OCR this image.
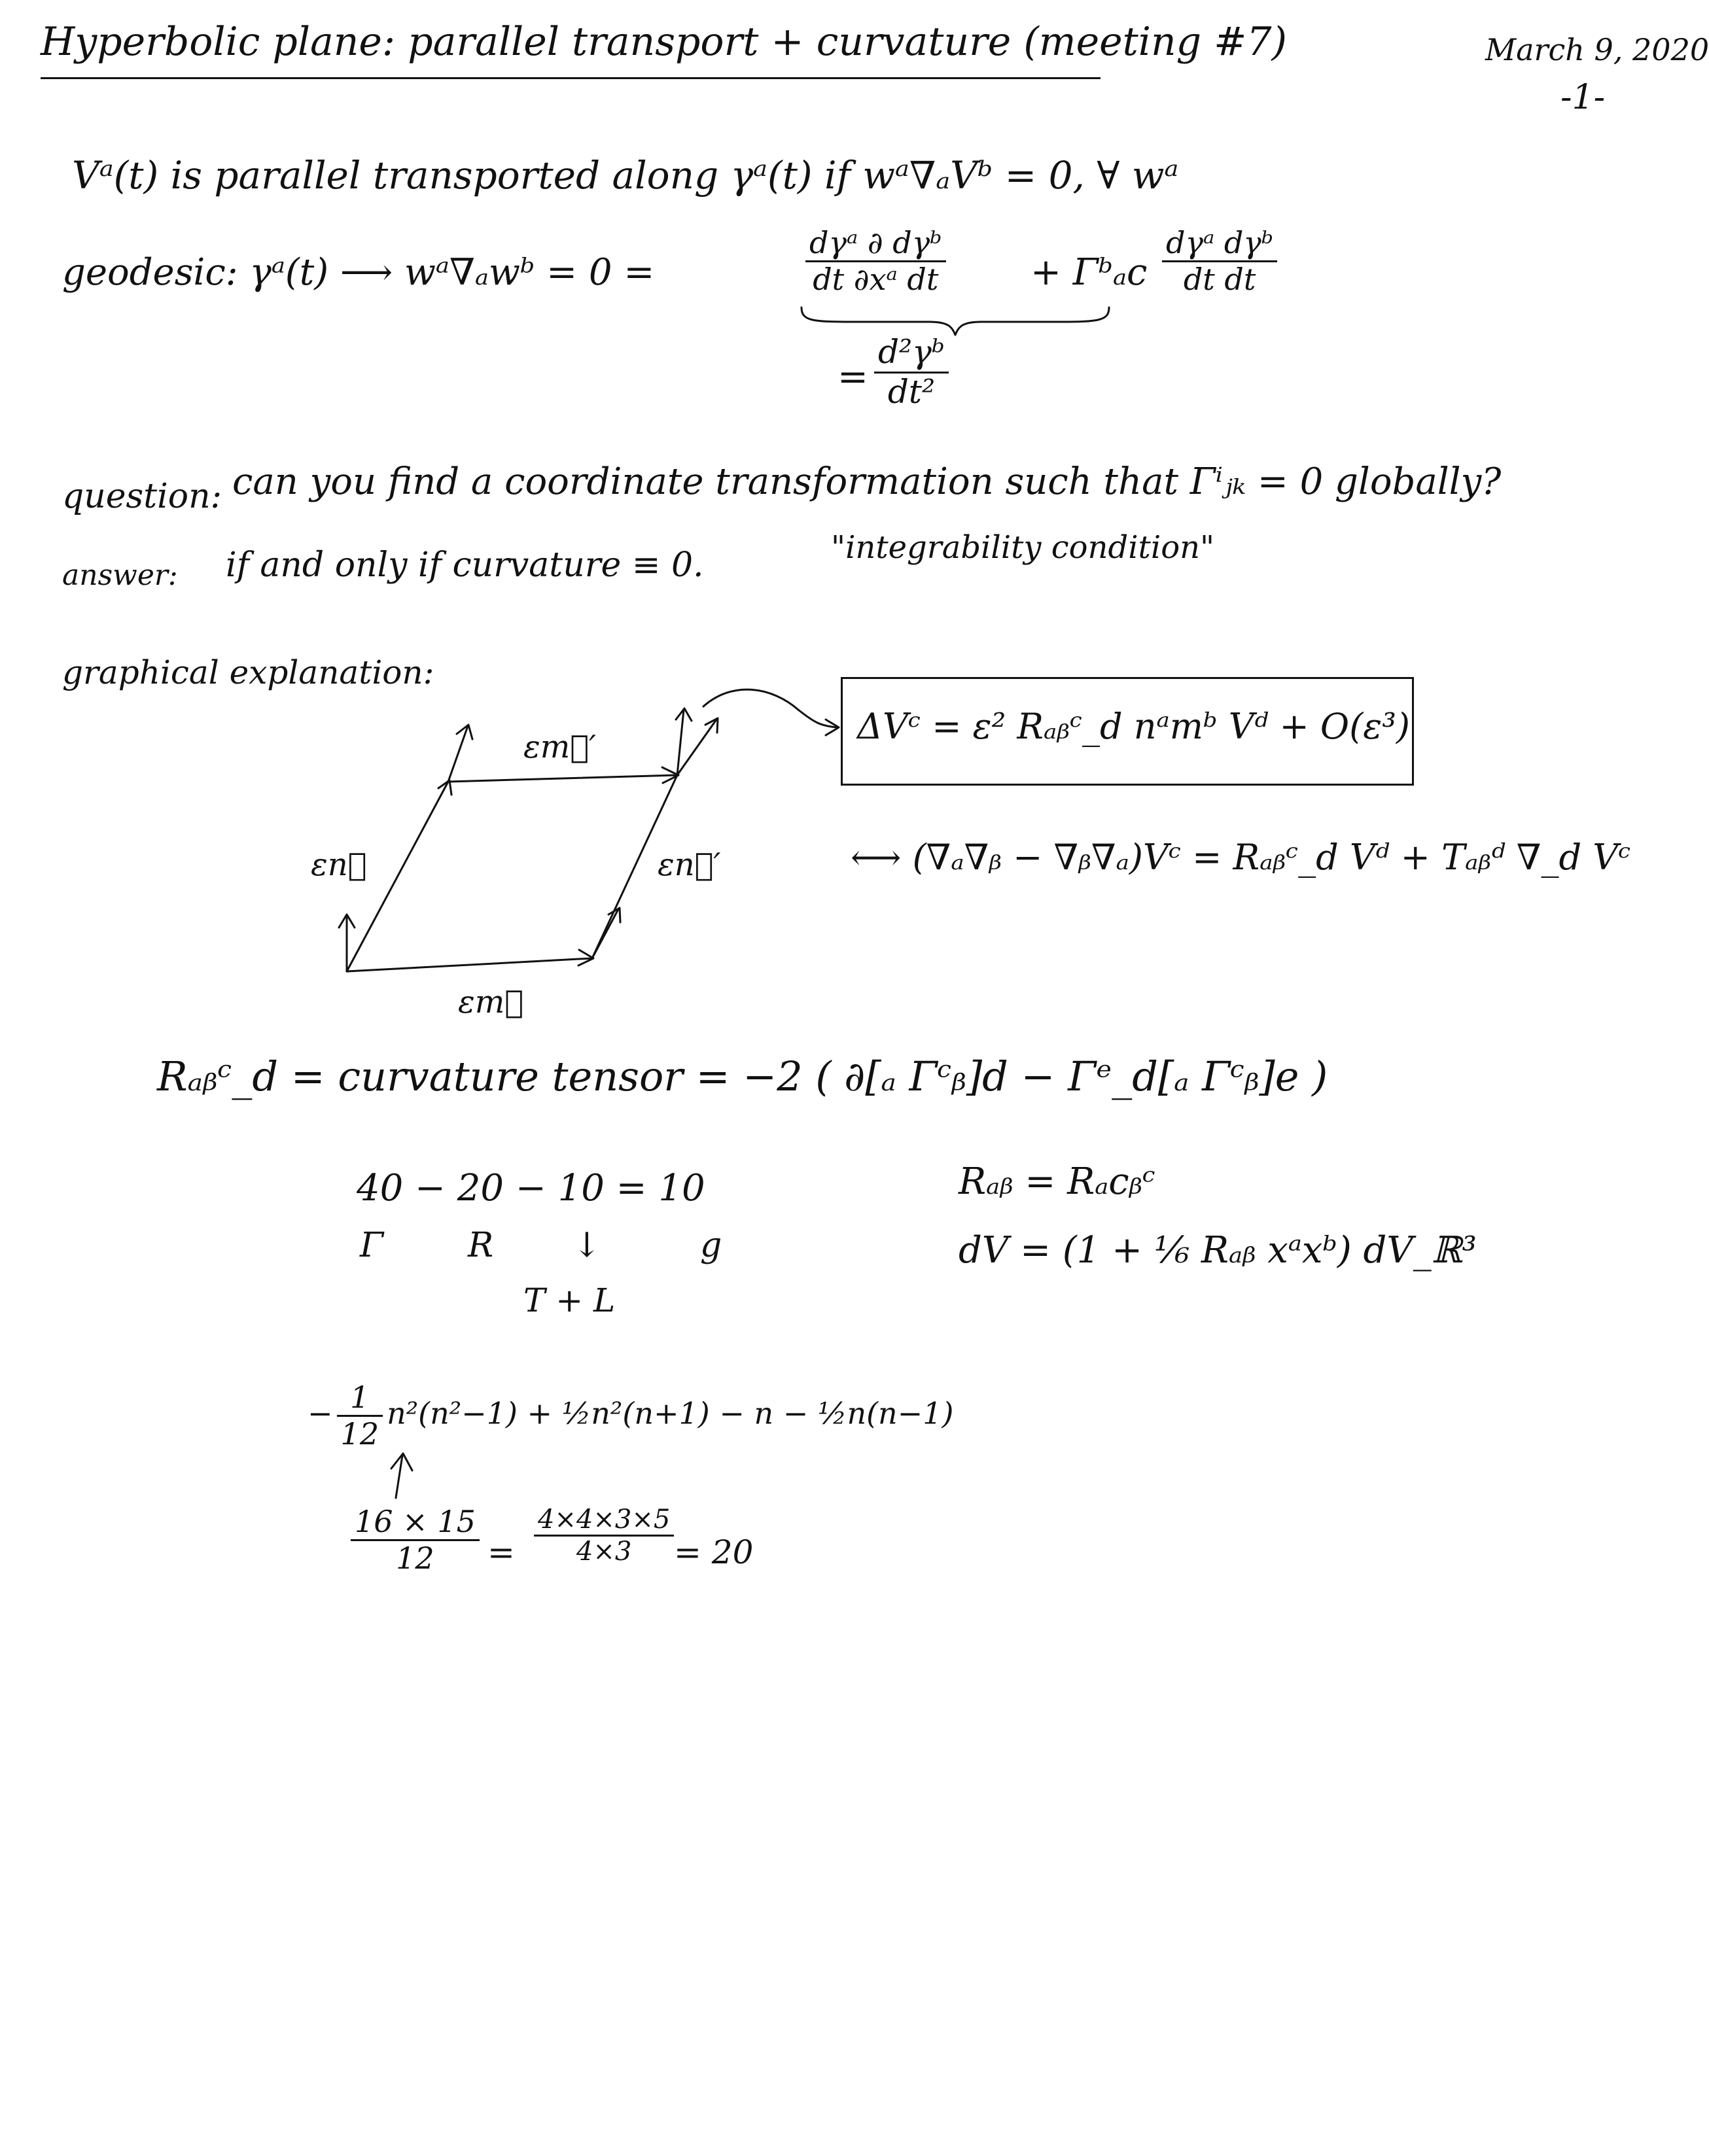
Hyperbolic plane: parallel transport + curvature (meeting #7)	March 9, 2020
-1-
Vᵃ(t) is parallel transported along γᵃ(t) if wᵃ∇ₐVᵇ = 0, ∀ wᵃ
geodesic: γᵃ(t) ⟶ wᵃ∇ₐwᵇ = 0 =	$\frac{\text{dγᵃ ∂ dγᵇ}}{\text{dt ∂xᵃ dt}}$ + Γᵇₐc $\frac{\text{dγᵃ dγᵇ}}{\text{dt dt}}$
= $\frac{\text{d²γᵇ}}{\text{dt²}}$
question: can you find a coordinate transformation such that Γⁱⱼₖ = 0 globally?
answer: if and only if curvature ≡ 0.	"integrability condition"
graphical explanation:
εm⃗′
εn⃗	εn⃗′
εm⃗
ΔVᶜ = ε² Rₐᵦᶜ_d nᵃmᵇ Vᵈ + O(ε³)
⟷ (∇ₐ∇ᵦ − ∇ᵦ∇ₐ)Vᶜ = Rₐᵦᶜ_d Vᵈ + Tₐᵦᵈ ∇_d Vᶜ
Rₐᵦᶜ_d = curvature tensor = −2 ( ∂[ₐ Γᶜᵦ]d − Γᵉ_d[ₐ Γᶜᵦ]e )
40 − 20 − 10 = 10
Γ R ↓	g
T + L
Rₐᵦ = Rₐcᵦᶜ
dV = (1 + ⅙ Rₐᵦ xᵃxᵇ) dV_ℝ³
− $\frac{1}{12} n^2(n^2-1)$ + ½n²(n+1) − n − ½n(n−1)
$\frac{16 \times 15}{12} = \frac{4\times 4\times 3\times 5}{4\times 3} = 20$
